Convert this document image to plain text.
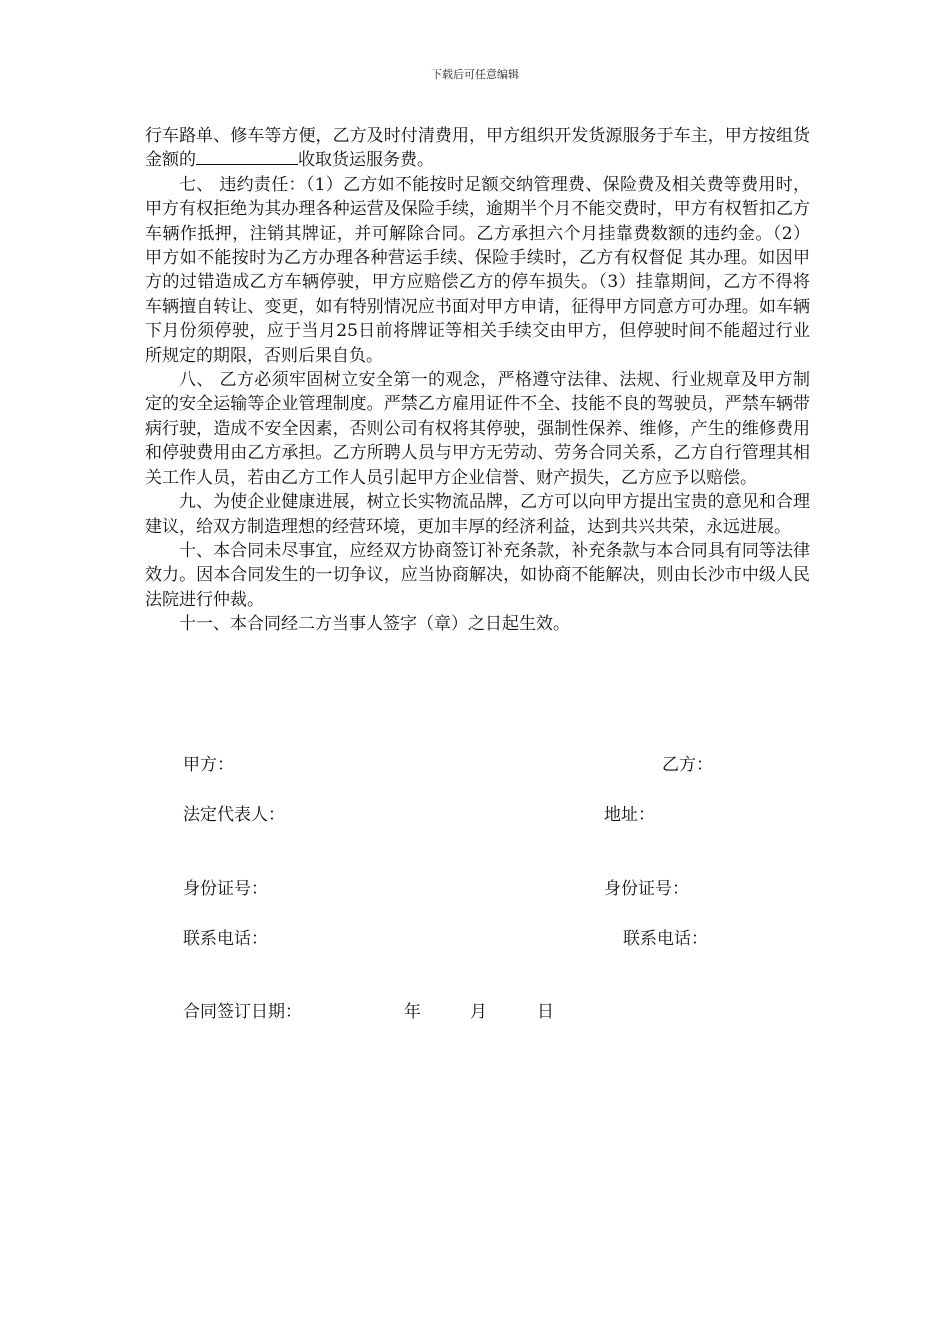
下载后可任意编辑

行车路单、修车等方便，乙方及时付清费用，甲方组织开发货源服务于车主，甲方按组货金额的	收取货运服务费。

七、 违约责任：（1）乙方如不能按时足额交纳管理费、保险费及相关费等费用时，甲方有权拒绝为其办理各种运营及保险手续，逾期半个月不能交费时，甲方有权暂扣乙方车辆作抵押，注销其牌证，并可解除合同。乙方承担六个月挂靠费数额的违约金。（2）甲方如不能按时为乙方办理各种营运手续、保险手续时，乙方有权督促 其办理。如因甲方的过错造成乙方车辆停驶，甲方应赔偿乙方的停车损失。（3）挂靠期间，乙方不得将车辆擅自转让、变更，如有特别情况应书面对甲方申请，征得甲方同意方可办理。如车辆下月份须停驶，应于当月25日前将牌证等相关手续交由甲方，但停驶时间不能超过行业所规定的期限，否则后果自负。

八、 乙方必须牢固树立安全第一的观念，严格遵守法律、法规、行业规章及甲方制定的安全运输等企业管理制度。严禁乙方雇用证件不全、技能不良的驾驶员，严禁车辆带病行驶，造成不安全因素，否则公司有权将其停驶，强制性保养、维修，产生的维修费用和停驶费用由乙方承担。乙方所聘人员与甲方无劳动、劳务合同关系，乙方自行管理其相关工作人员，若由乙方工作人员引起甲方企业信誉、财产损失，乙方应予以赔偿。

九、为使企业健康进展，树立长实物流品牌，乙方可以向甲方提出宝贵的意见和合理建议，给双方制造理想的经营环境，更加丰厚的经济利益，达到共兴共荣，永远进展。

十、本合同未尽事宜，应经双方协商签订补充条款，补充条款与本合同具有同等法律效力。因本合同发生的一切争议，应当协商解决，如协商不能解决，则由长沙市中级人民法院进行仲裁。

十一、本合同经二方当事人签字（章）之日起生效。

甲方：	乙方：
法定代表人：	地址：
身份证号：	身份证号：
联系电话：	联系电话：
合同签订日期：	年	月	日
